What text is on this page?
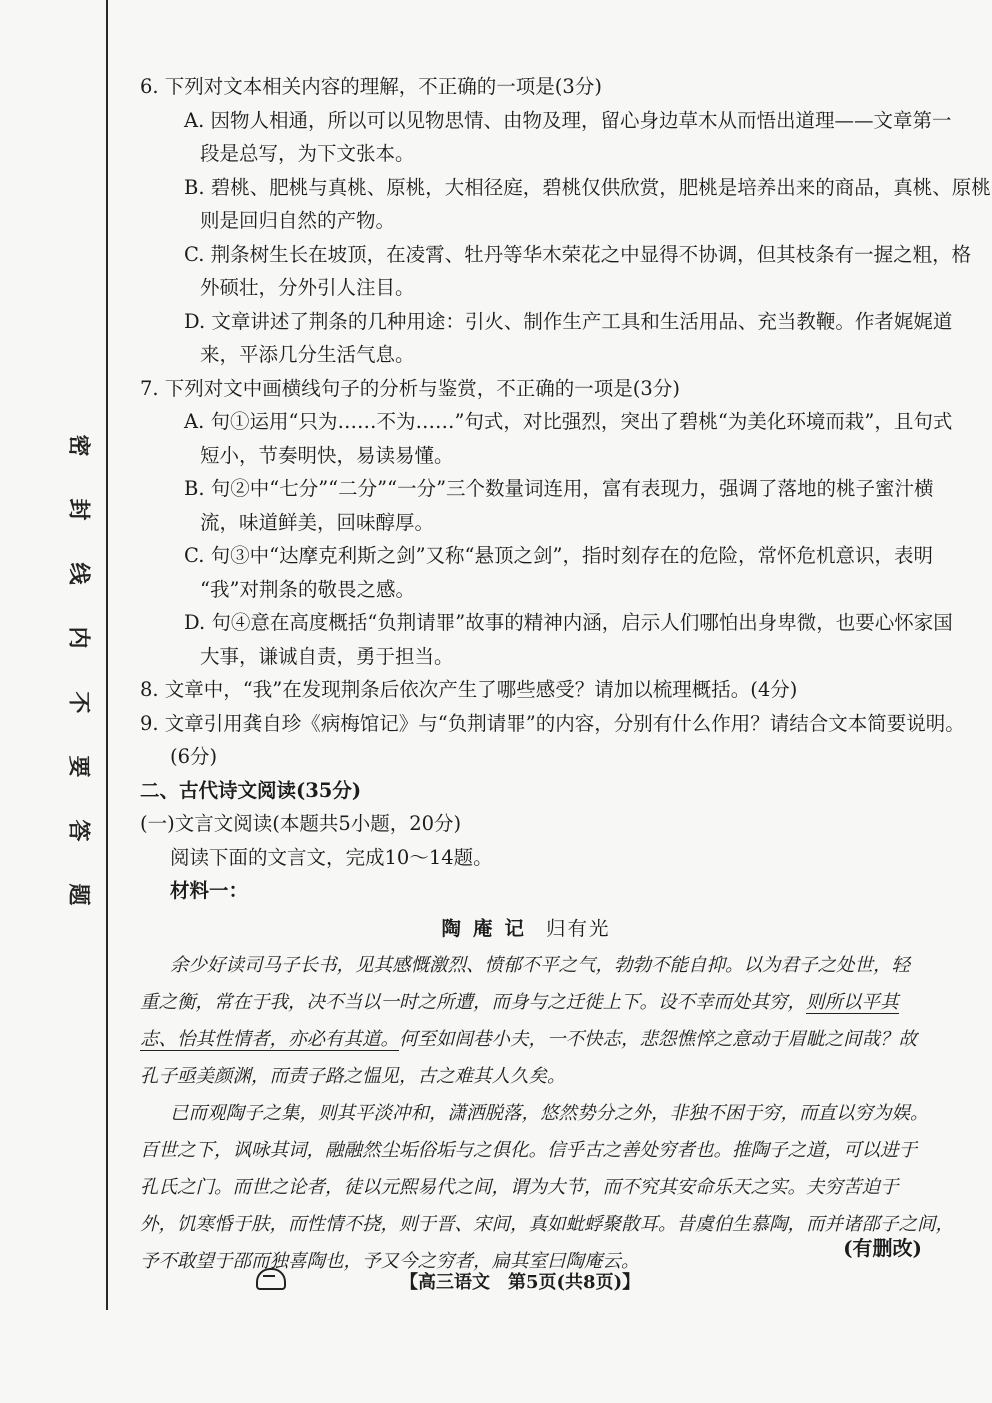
密
封
线
内
不
要
答
题
6. 下列对文本相关内容的理解，不正确的一项是(3分)
A. 因物人相通，所以可以见物思情、由物及理，留心身边草木从而悟出道理——文章第一
段是总写，为下文张本。
B. 碧桃、肥桃与真桃、原桃，大相径庭，碧桃仅供欣赏，肥桃是培养出来的商品，真桃、原桃
则是回归自然的产物。
C. 荆条树生长在坡顶，在凌霄、牡丹等华木荣花之中显得不协调，但其枝条有一握之粗，格
外硕壮，分外引人注目。
D. 文章讲述了荆条的几种用途：引火、制作生产工具和生活用品、充当教鞭。作者娓娓道
来，平添几分生活气息。
7. 下列对文中画横线句子的分析与鉴赏，不正确的一项是(3分)
A. 句①运用“只为……不为……”句式，对比强烈，突出了碧桃“为美化环境而栽”，且句式
短小，节奏明快，易读易懂。
B. 句②中“七分”“二分”“一分”三个数量词连用，富有表现力，强调了落地的桃子蜜汁横
流，味道鲜美，回味醇厚。
C. 句③中“达摩克利斯之剑”又称“悬顶之剑”，指时刻存在的危险，常怀危机意识，表明
“我”对荆条的敬畏之感。
D. 句④意在高度概括“负荆请罪”故事的精神内涵，启示人们哪怕出身卑微，也要心怀家国
大事，谦诚自责，勇于担当。
8. 文章中，“我”在发现荆条后依次产生了哪些感受？请加以梳理概括。(4分)
9. 文章引用龚自珍《病梅馆记》与“负荆请罪”的内容，分别有什么作用？请结合文本简要说明。
(6分)
二、古代诗文阅读(35分)
(一)文言文阅读(本题共5小题，20分)
阅读下面的文言文，完成10～14题。
材料一：
陶庵记 归有光
余少好读司马子长书，见其感慨激烈、愤郁不平之气，勃勃不能自抑。以为君子之处世，轻
重之衡，常在于我，决不当以一时之所遭，而身与之迁徙上下。设不幸而处其穷，则所以平其
志、怡其性情者，亦必有其道。何至如闾巷小夫，一不快志，悲怨憔悴之意动于眉眦之间哉？故
孔子亟美颜渊，而责子路之愠见，古之难其人久矣。
已而观陶子之集，则其平淡冲和，潇洒脱落，悠然势分之外，非独不困于穷，而直以穷为娱。
百世之下，讽咏其词，融融然尘垢俗垢与之俱化。信乎古之善处穷者也。推陶子之道，可以进于
孔氏之门。而世之论者，徒以元熙易代之间，谓为大节，而不究其安命乐天之实。夫穷苦迫于
外，饥寒惛于肤，而性情不挠，则于晋、宋间，真如蚍蜉聚散耳。昔虞伯生慕陶，而并诸邵子之间，
予不敢望于邵而独喜陶也，予又今之穷者，扁其室曰陶庵云。
(有删改)
【高三语文　第5页(共8页)】
